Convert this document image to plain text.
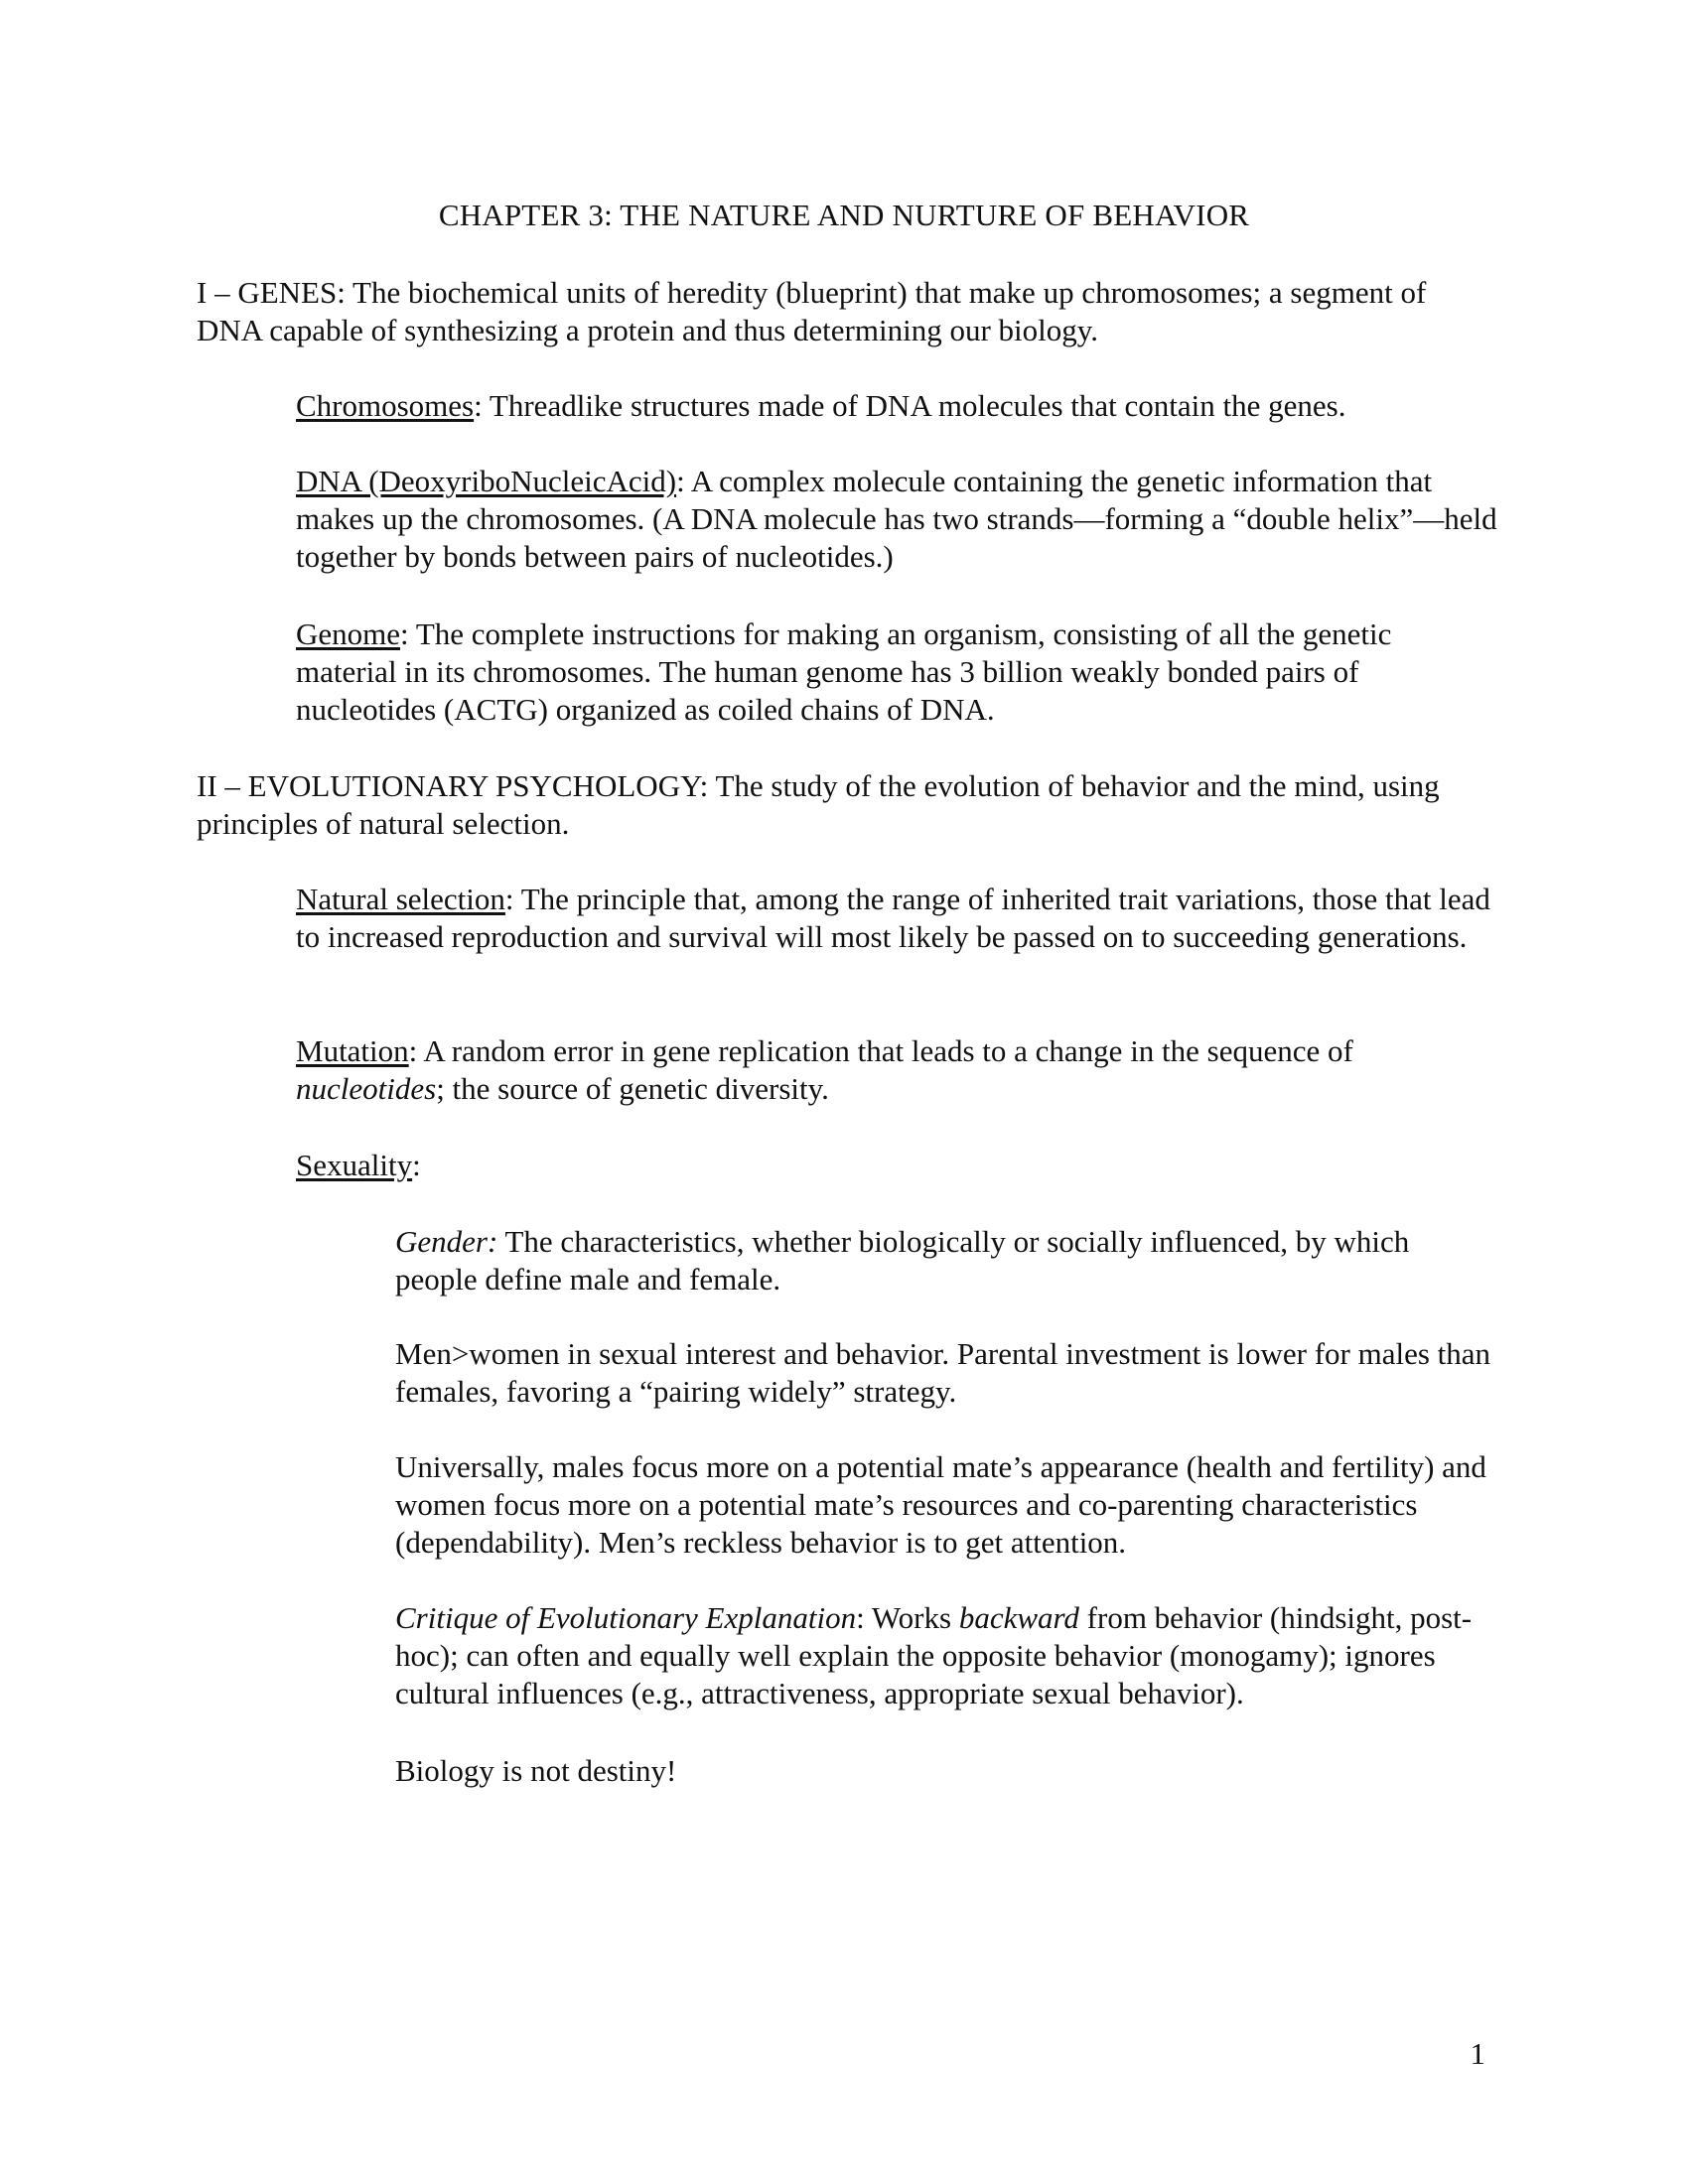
CHAPTER 3: THE NATURE AND NURTURE OF BEHAVIOR

I – GENES: The biochemical units of heredity (blueprint) that make up chromosomes; a segment of DNA capable of synthesizing a protein and thus determining our biology.

Chromosomes: Threadlike structures made of DNA molecules that contain the genes.

DNA (DeoxyriboNucleicAcid): A complex molecule containing the genetic information that makes up the chromosomes. (A DNA molecule has two strands—forming a “double helix”—held together by bonds between pairs of nucleotides.)

Genome: The complete instructions for making an organism, consisting of all the genetic material in its chromosomes. The human genome has 3 billion weakly bonded pairs of nucleotides (ACTG) organized as coiled chains of DNA.

II – EVOLUTIONARY PSYCHOLOGY: The study of the evolution of behavior and the mind, using principles of natural selection.

Natural selection: The principle that, among the range of inherited trait variations, those that lead to increased reproduction and survival will most likely be passed on to succeeding generations.

Mutation: A random error in gene replication that leads to a change in the sequence of nucleotides; the source of genetic diversity.

Sexuality:

Gender: The characteristics, whether biologically or socially influenced, by which people define male and female.

Men>women in sexual interest and behavior. Parental investment is lower for males than females, favoring a “pairing widely” strategy.

Universally, males focus more on a potential mate’s appearance (health and fertility) and women focus more on a potential mate’s resources and co-parenting characteristics (dependability). Men’s reckless behavior is to get attention.

Critique of Evolutionary Explanation: Works backward from behavior (hindsight, post-hoc); can often and equally well explain the opposite behavior (monogamy); ignores cultural influences (e.g., attractiveness, appropriate sexual behavior).

Biology is not destiny!

1
